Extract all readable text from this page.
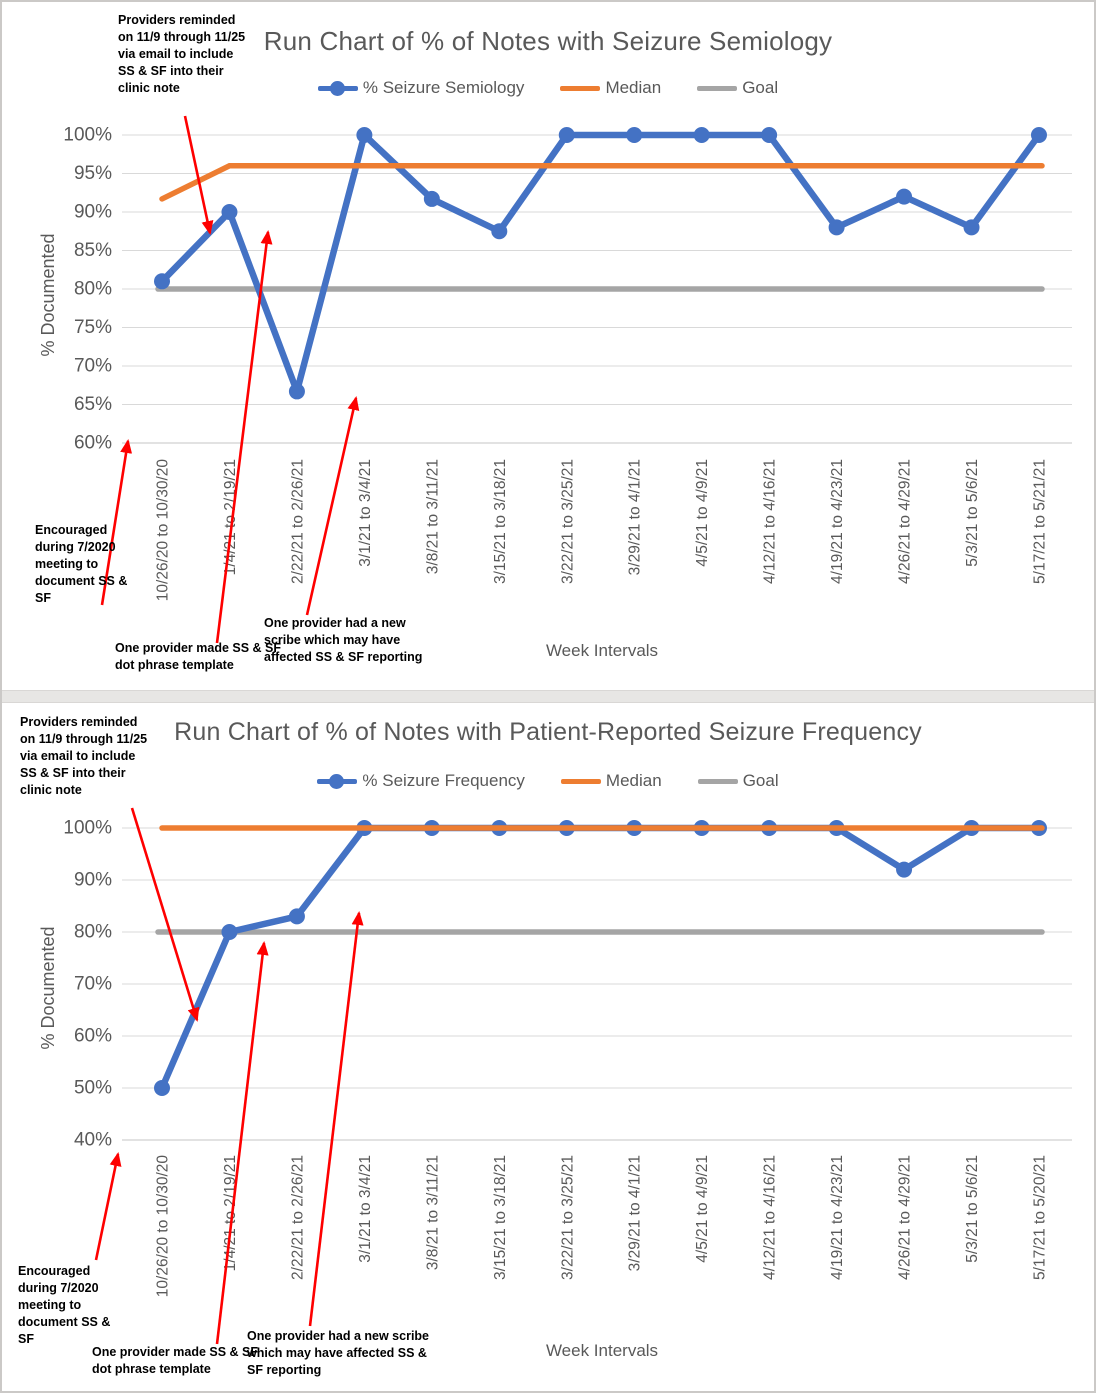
60%
65%
70%
75%
80%
85%
90%
95%
100%
10/26/20 to 10/30/20	1/4/21 to 2/19/21	2/22/21 to 2/26/21	3/1/21 to 3/4/21	3/8/21 to 3/11/21	3/15/21 to 3/18/21	3/22/21 to 3/25/21	3/29/21 to 4/1/21	4/5/21 to 4/9/21	4/12/21 to 4/16/21	4/19/21 to 4/23/21	4/26/21 to 4/29/21	5/3/21 to 5/6/21	5/17/21 to 5/21/21
40%
50%
60%
70%
80%
90%
100%
10/26/20 to 10/30/20	1/4/21 to 2/19/21	2/22/21 to 2/26/21	3/1/21 to 3/4/21	3/8/21 to 3/11/21	3/15/21 to 3/18/21	3/22/21 to 3/25/21	3/29/21 to 4/1/21	4/5/21 to 4/9/21	4/12/21 to 4/16/21	4/19/21 to 4/23/21	4/26/21 to 4/29/21	5/3/21 to 5/6/21	5/17/21 to 5/20/21
Run Chart of % of Notes with Seizure Semiology
% Seizure Semiology	Median	Goal
% Documented
Week Intervals
Providers reminded on 11/9 through 11/25 via email to include SS & SF into their clinic note
Encouraged during 7/2020 meeting to document SS & SF
One provider made SS & SF dot phrase template
One provider had a new scribe which may have affected SS & SF reporting
Run Chart of % of Notes with Patient-Reported Seizure Frequency
% Seizure Frequency	Median	Goal
% Documented
Week Intervals
Providers reminded on 11/9 through 11/25 via email to include SS & SF into their clinic note
Encouraged during 7/2020 meeting to document SS & SF
One provider made SS & SF dot phrase template
One provider had a new scribe which may have affected SS & SF reporting
